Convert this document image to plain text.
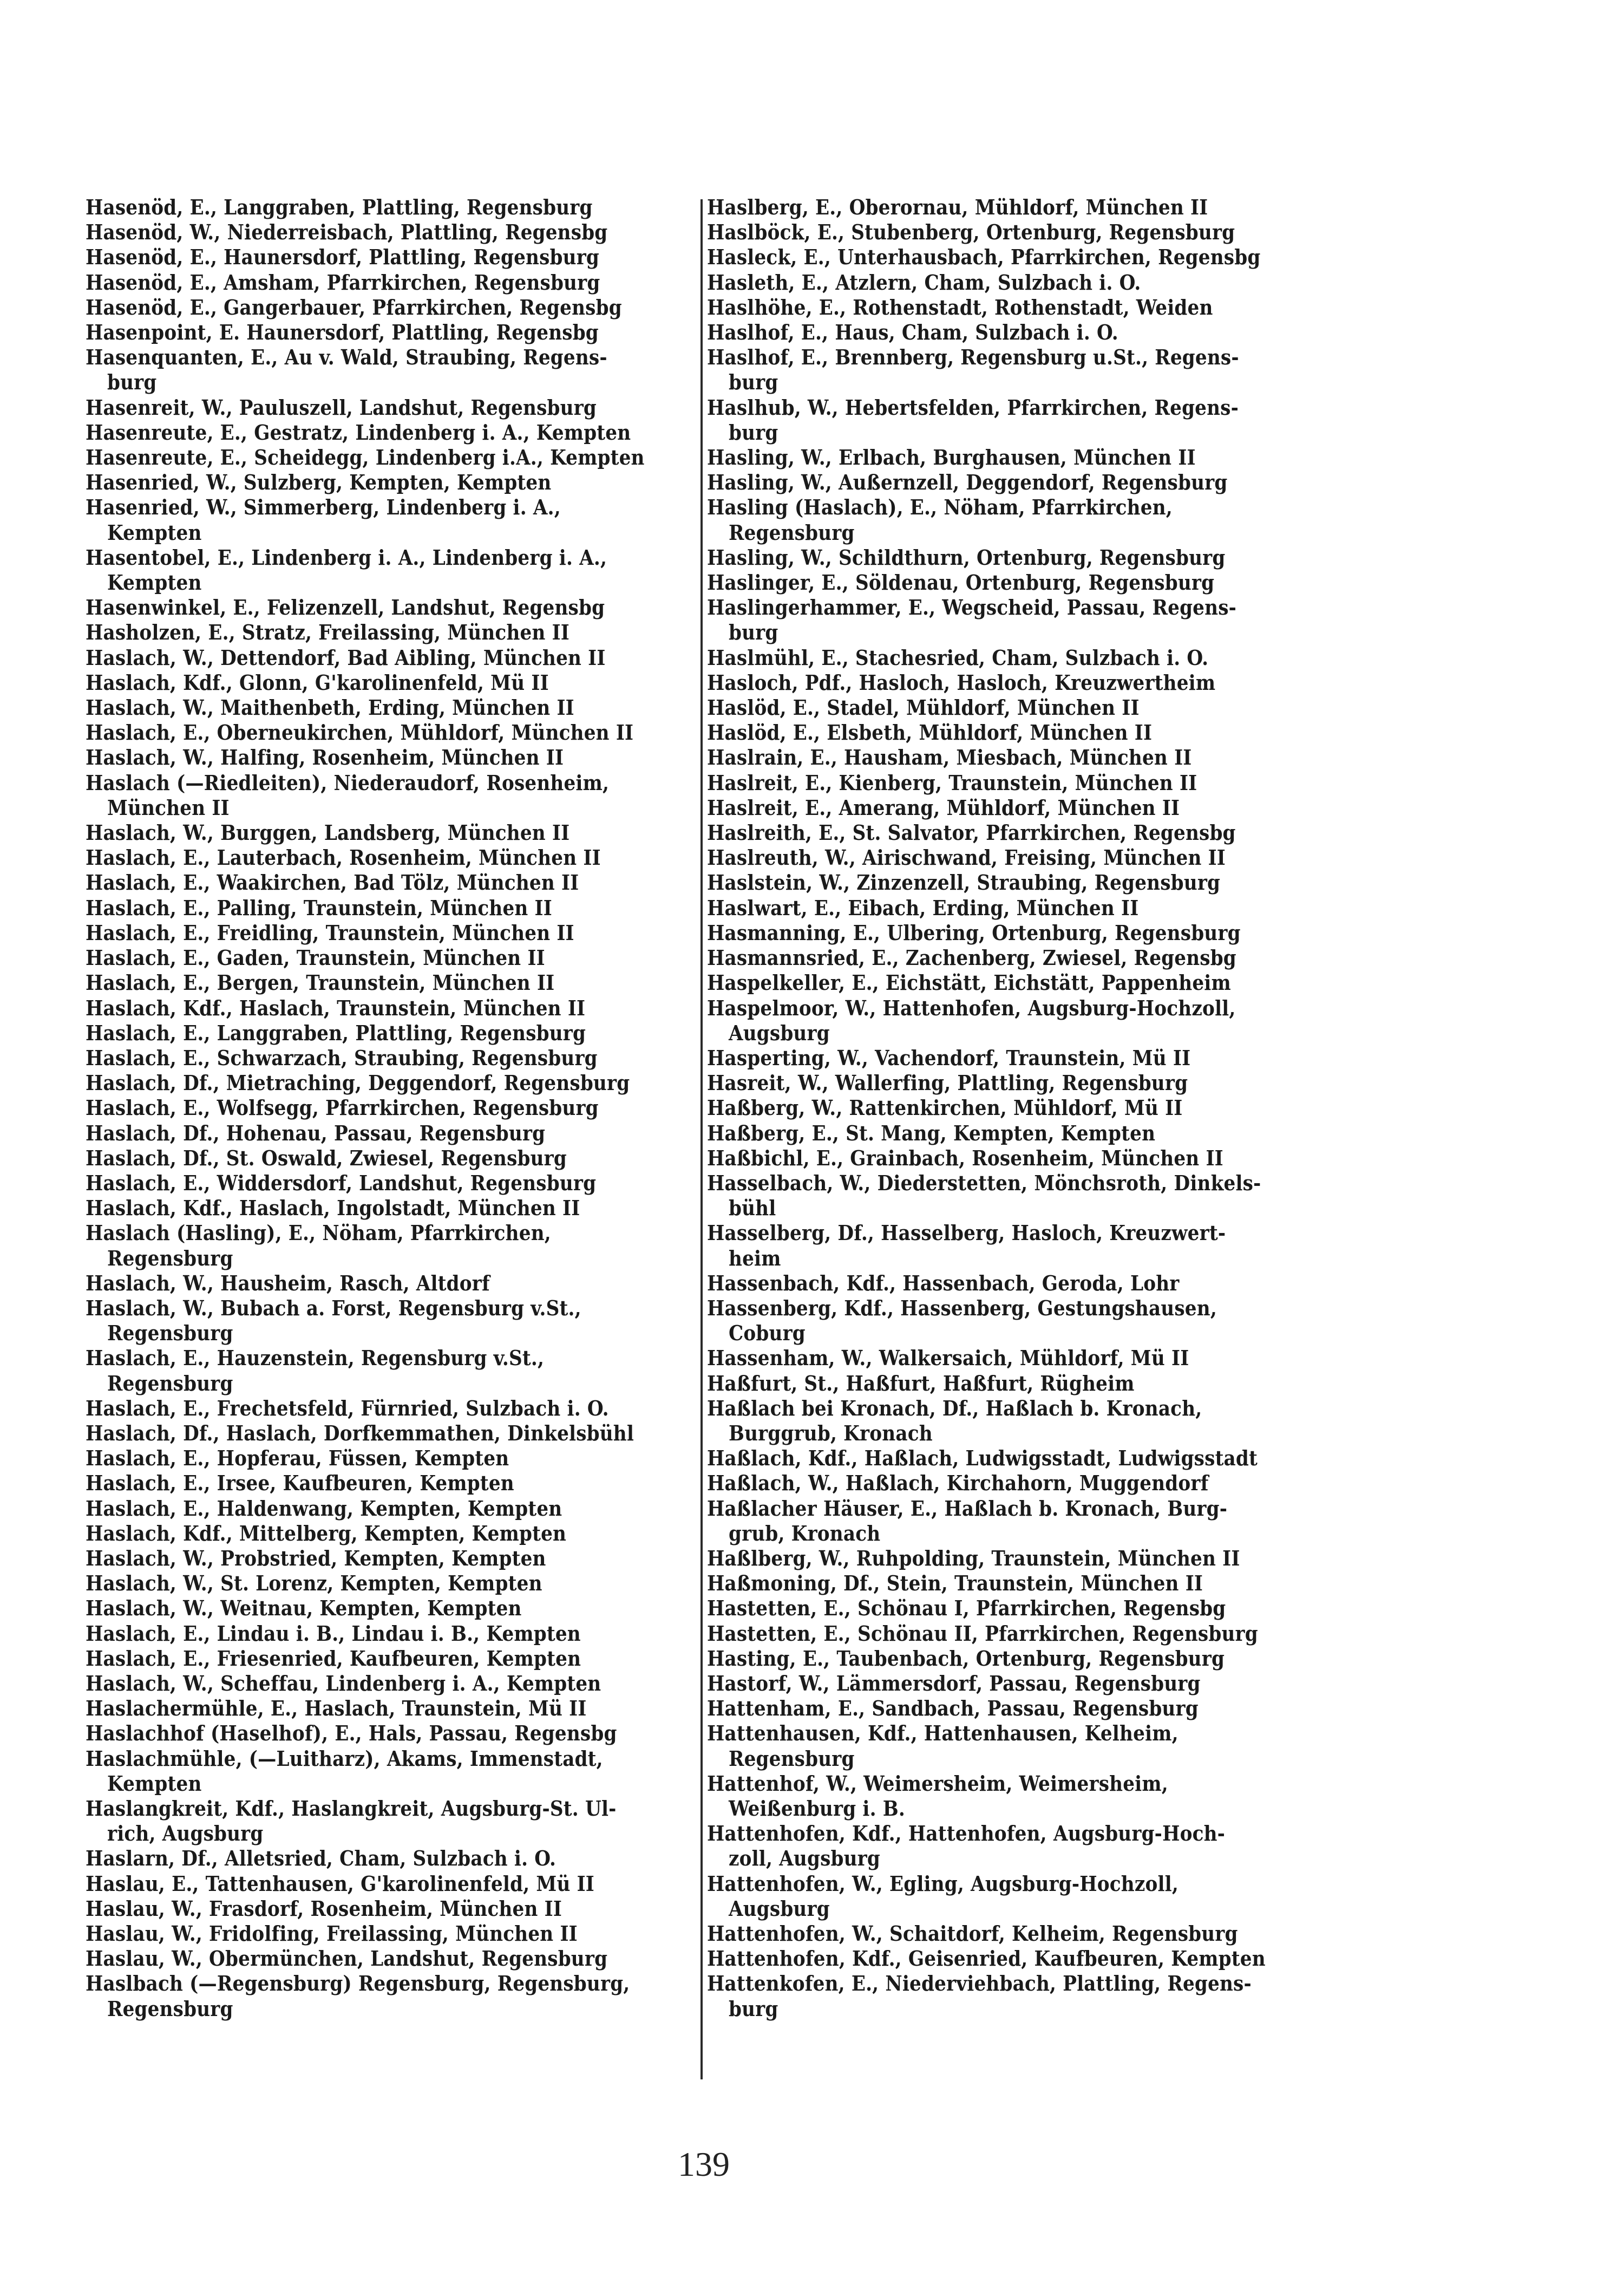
Hasenöd, E., Langgraben, Plattling, Regensburg
Hasenöd, W., Niederreisbach, Plattling, Regensbg
Hasenöd, E., Haunersdorf, Plattling, Regensburg
Hasenöd, E., Amsham, Pfarrkirchen, Regensburg
Hasenöd, E., Gangerbauer, Pfarrkirchen, Regensbg
Hasenpoint, E. Haunersdorf, Plattling, Regensbg
Hasenquanten, E., Au v. Wald, Straubing, Regens-
burg
Hasenreit, W., Pauluszell, Landshut, Regensburg
Hasenreute, E., Gestratz, Lindenberg i. A., Kempten
Hasenreute, E., Scheidegg, Lindenberg i.A., Kempten
Hasenried, W., Sulzberg, Kempten, Kempten
Hasenried, W., Simmerberg, Lindenberg i. A.,
Kempten
Hasentobel, E., Lindenberg i. A., Lindenberg i. A.,
Kempten
Hasenwinkel, E., Felizenzell, Landshut, Regensbg
Hasholzen, E., Stratz, Freilassing, München II
Haslach, W., Dettendorf, Bad Aibling, München II
Haslach, Kdf., Glonn, G'karolinenfeld, Mü II
Haslach, W., Maithenbeth, Erding, München II
Haslach, E., Oberneukirchen, Mühldorf, München II
Haslach, W., Halfing, Rosenheim, München II
Haslach (—Riedleiten), Niederaudorf, Rosenheim,
München II
Haslach, W., Burggen, Landsberg, München II
Haslach, E., Lauterbach, Rosenheim, München II
Haslach, E., Waakirchen, Bad Tölz, München II
Haslach, E., Palling, Traunstein, München II
Haslach, E., Freidling, Traunstein, München II
Haslach, E., Gaden, Traunstein, München II
Haslach, E., Bergen, Traunstein, München II
Haslach, Kdf., Haslach, Traunstein, München II
Haslach, E., Langgraben, Plattling, Regensburg
Haslach, E., Schwarzach, Straubing, Regensburg
Haslach, Df., Mietraching, Deggendorf, Regensburg
Haslach, E., Wolfsegg, Pfarrkirchen, Regensburg
Haslach, Df., Hohenau, Passau, Regensburg
Haslach, Df., St. Oswald, Zwiesel, Regensburg
Haslach, E., Widdersdorf, Landshut, Regensburg
Haslach, Kdf., Haslach, Ingolstadt, München II
Haslach (Hasling), E., Nöham, Pfarrkirchen,
Regensburg
Haslach, W., Hausheim, Rasch, Altdorf
Haslach, W., Bubach a. Forst, Regensburg v.St.,
Regensburg
Haslach, E., Hauzenstein, Regensburg v.St.,
Regensburg
Haslach, E., Frechetsfeld, Fürnried, Sulzbach i. O.
Haslach, Df., Haslach, Dorfkemmathen, Dinkelsbühl
Haslach, E., Hopferau, Füssen, Kempten
Haslach, E., Irsee, Kaufbeuren, Kempten
Haslach, E., Haldenwang, Kempten, Kempten
Haslach, Kdf., Mittelberg, Kempten, Kempten
Haslach, W., Probstried, Kempten, Kempten
Haslach, W., St. Lorenz, Kempten, Kempten
Haslach, W., Weitnau, Kempten, Kempten
Haslach, E., Lindau i. B., Lindau i. B., Kempten
Haslach, E., Friesenried, Kaufbeuren, Kempten
Haslach, W., Scheffau, Lindenberg i. A., Kempten
Haslachermühle, E., Haslach, Traunstein, Mü II
Haslachhof (Haselhof), E., Hals, Passau, Regensbg
Haslachmühle, (—Luitharz), Akams, Immenstadt,
Kempten
Haslangkreit, Kdf., Haslangkreit, Augsburg-St. Ul-
rich, Augsburg
Haslarn, Df., Alletsried, Cham, Sulzbach i. O.
Haslau, E., Tattenhausen, G'karolinenfeld, Mü II
Haslau, W., Frasdorf, Rosenheim, München II
Haslau, W., Fridolfing, Freilassing, München II
Haslau, W., Obermünchen, Landshut, Regensburg
Haslbach (—Regensburg) Regensburg, Regensburg,
Regensburg
Haslberg, E., Oberornau, Mühldorf, München II
Haslböck, E., Stubenberg, Ortenburg, Regensburg
Hasleck, E., Unterhausbach, Pfarrkirchen, Regensbg
Hasleth, E., Atzlern, Cham, Sulzbach i. O.
Haslhöhe, E., Rothenstadt, Rothenstadt, Weiden
Haslhof, E., Haus, Cham, Sulzbach i. O.
Haslhof, E., Brennberg, Regensburg u.St., Regens-
burg
Haslhub, W., Hebertsfelden, Pfarrkirchen, Regens-
burg
Hasling, W., Erlbach, Burghausen, München II
Hasling, W., Außernzell, Deggendorf, Regensburg
Hasling (Haslach), E., Nöham, Pfarrkirchen,
Regensburg
Hasling, W., Schildthurn, Ortenburg, Regensburg
Haslinger, E., Söldenau, Ortenburg, Regensburg
Haslingerhammer, E., Wegscheid, Passau, Regens-
burg
Haslmühl, E., Stachesried, Cham, Sulzbach i. O.
Hasloch, Pdf., Hasloch, Hasloch, Kreuzwertheim
Haslöd, E., Stadel, Mühldorf, München II
Haslöd, E., Elsbeth, Mühldorf, München II
Haslrain, E., Hausham, Miesbach, München II
Haslreit, E., Kienberg, Traunstein, München II
Haslreit, E., Amerang, Mühldorf, München II
Haslreith, E., St. Salvator, Pfarrkirchen, Regensbg
Haslreuth, W., Airischwand, Freising, München II
Haslstein, W., Zinzenzell, Straubing, Regensburg
Haslwart, E., Eibach, Erding, München II
Hasmanning, E., Ulbering, Ortenburg, Regensburg
Hasmannsried, E., Zachenberg, Zwiesel, Regensbg
Haspelkeller, E., Eichstätt, Eichstätt, Pappenheim
Haspelmoor, W., Hattenhofen, Augsburg-Hochzoll,
Augsburg
Hasperting, W., Vachendorf, Traunstein, Mü II
Hasreit, W., Wallerfing, Plattling, Regensburg
Haßberg, W., Rattenkirchen, Mühldorf, Mü II
Haßberg, E., St. Mang, Kempten, Kempten
Haßbichl, E., Grainbach, Rosenheim, München II
Hasselbach, W., Diederstetten, Mönchsroth, Dinkels-
bühl
Hasselberg, Df., Hasselberg, Hasloch, Kreuzwert-
heim
Hassenbach, Kdf., Hassenbach, Geroda, Lohr
Hassenberg, Kdf., Hassenberg, Gestungshausen,
Coburg
Hassenham, W., Walkersaich, Mühldorf, Mü II
Haßfurt, St., Haßfurt, Haßfurt, Rügheim
Haßlach bei Kronach, Df., Haßlach b. Kronach,
Burggrub, Kronach
Haßlach, Kdf., Haßlach, Ludwigsstadt, Ludwigsstadt
Haßlach, W., Haßlach, Kirchahorn, Muggendorf
Haßlacher Häuser, E., Haßlach b. Kronach, Burg-
grub, Kronach
Haßlberg, W., Ruhpolding, Traunstein, München II
Haßmoning, Df., Stein, Traunstein, München II
Hastetten, E., Schönau I, Pfarrkirchen, Regensbg
Hastetten, E., Schönau II, Pfarrkirchen, Regensburg
Hasting, E., Taubenbach, Ortenburg, Regensburg
Hastorf, W., Lämmersdorf, Passau, Regensburg
Hattenham, E., Sandbach, Passau, Regensburg
Hattenhausen, Kdf., Hattenhausen, Kelheim,
Regensburg
Hattenhof, W., Weimersheim, Weimersheim,
Weißenburg i. B.
Hattenhofen, Kdf., Hattenhofen, Augsburg-Hoch-
zoll, Augsburg
Hattenhofen, W., Egling, Augsburg-Hochzoll,
Augsburg
Hattenhofen, W., Schaitdorf, Kelheim, Regensburg
Hattenhofen, Kdf., Geisenried, Kaufbeuren, Kempten
Hattenkofen, E., Niederviehbach, Plattling, Regens-
burg
139
